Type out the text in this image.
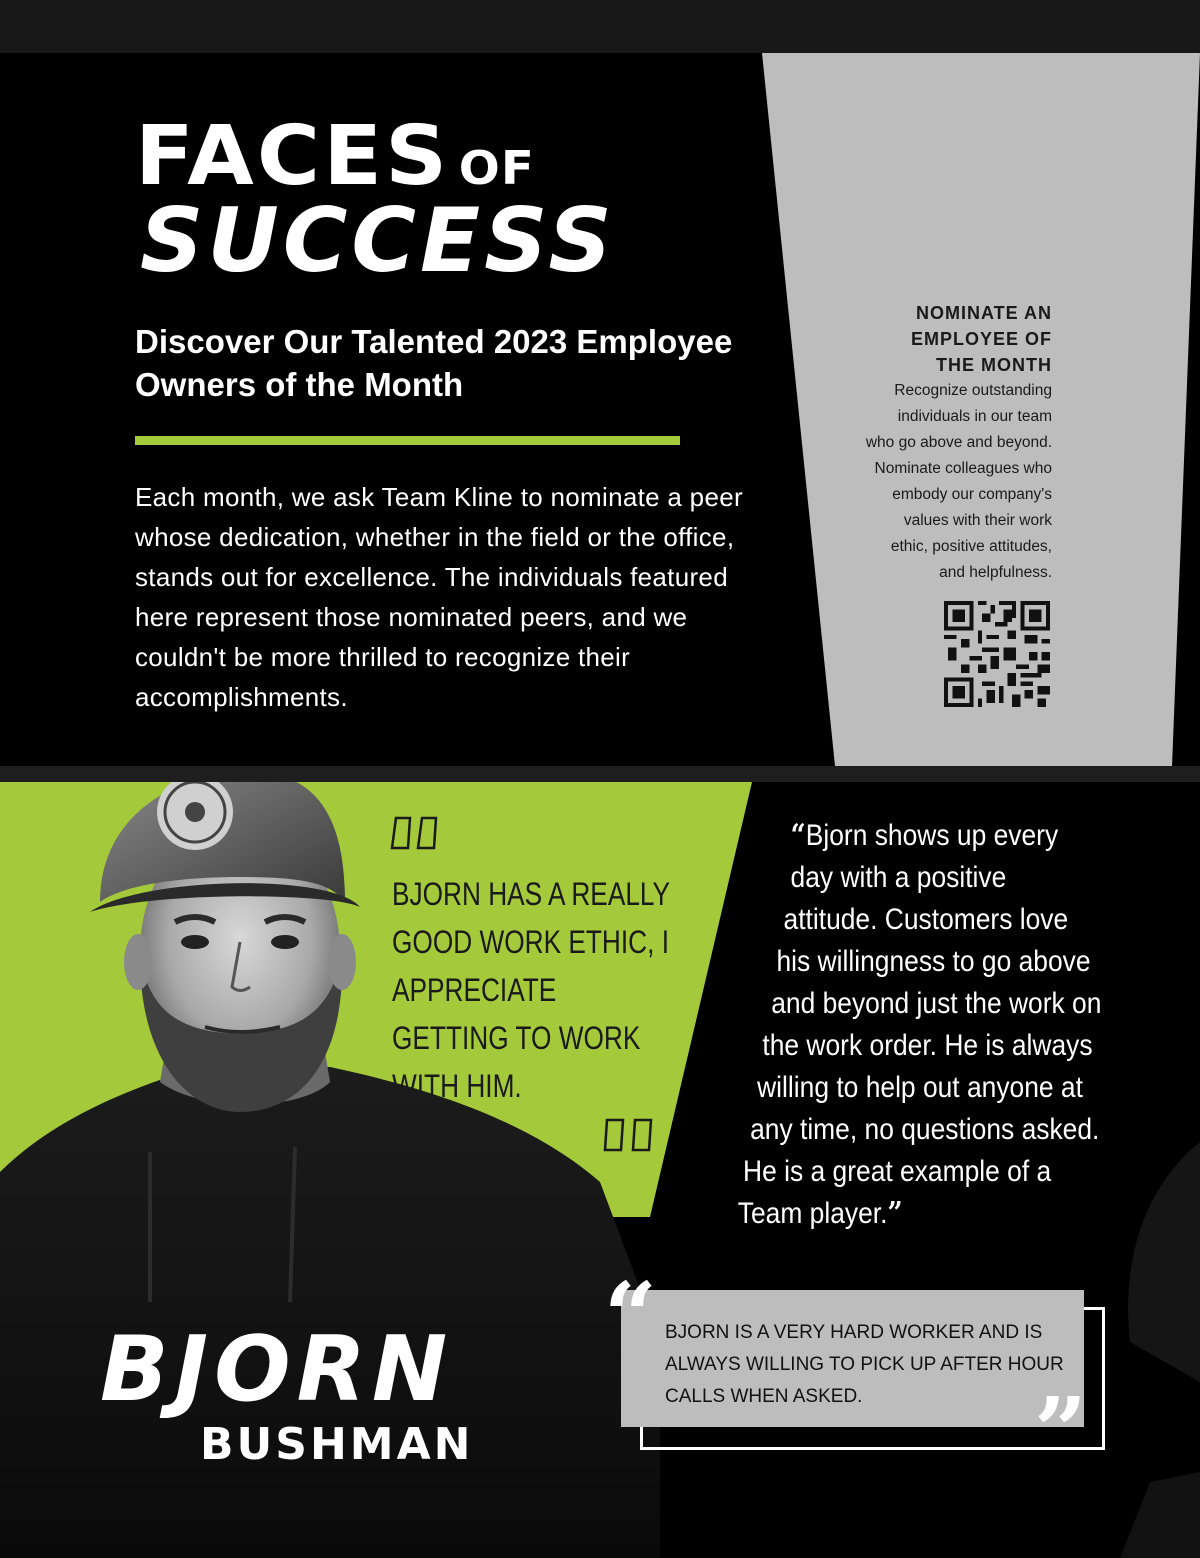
FACES OF
SUCCESS
Discover Our Talented 2023 Employee Owners of the Month
Each month, we ask Team Kline to nominate a peer whose dedication, whether in the field or the office, stands out for excellence. The individuals featured here represent those nominated peers, and we couldn't be more thrilled to recognize their accomplishments.
NOMINATE AN
EMPLOYEE OF
THE MONTH
Recognize outstanding
individuals in our team
who go above and beyond.
Nominate colleagues who
embody our company's
values with their work
ethic, positive attitudes,
and helpfulness.
BJORN HAS A REALLY GOOD WORK ETHIC, I APPRECIATE GETTING TO WORK WITH HIM.
“Bjorn shows up every
day with a positive
attitude. Customers love
his willingness to go above
and beyond just the work on
the work order. He is always
willing to help out anyone at
any time, no questions asked.
He is a great example of a
Team player.”
“ BJORN IS A VERY HARD WORKER AND IS ALWAYS WILLING TO PICK UP AFTER HOUR CALLS WHEN ASKED.	”
BJORN
BUSHMAN
